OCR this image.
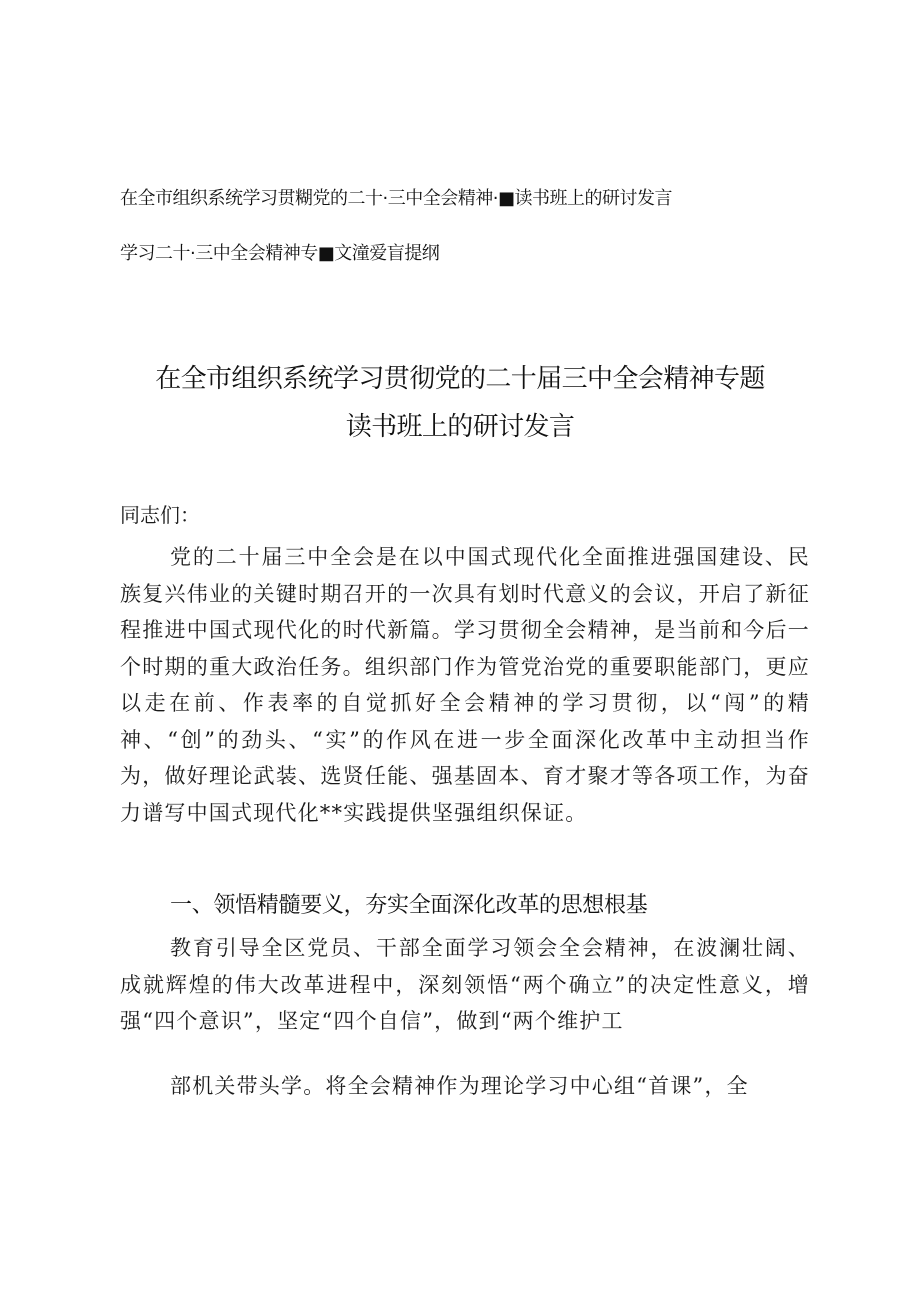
在全市组织系统学习贯糊党的二十·三中全会精神·■读书班上的研讨发言
学习二十·三中全会精神专■文潼爱盲提纲
在全市组织系统学习贯彻党的二十届三中全会精神专题
读书班上的研讨发言
同志们：
党的二十届三中全会是在以中国式现代化全面推进强国建设、民族复兴伟业的关键时期召开的一次具有划时代意义的会议，开启了新征程推进中国式现代化的时代新篇。学习贯彻全会精神，是当前和今后一个时期的重大政治任务。组织部门作为管党治党的重要职能部门，更应以走在前、作表率的自觉抓好全会精神的学习贯彻，以“闯”的精神、“创”的劲头、“实”的作风在进一步全面深化改革中主动担当作为，做好理论武装、选贤任能、强基固本、育才聚才等各项工作，为奋力谱写中国式现代化**实践提供坚强组织保证。
一、领悟精髓要义，夯实全面深化改革的思想根基
教育引导全区党员、干部全面学习领会全会精神，在波澜壮阔、成就辉煌的伟大改革进程中，深刻领悟“两个确立”的决定性意义，增强“四个意识”，坚定“四个自信”，做到“两个维护工
部机关带头学。将全会精神作为理论学习中心组“首课”，全
